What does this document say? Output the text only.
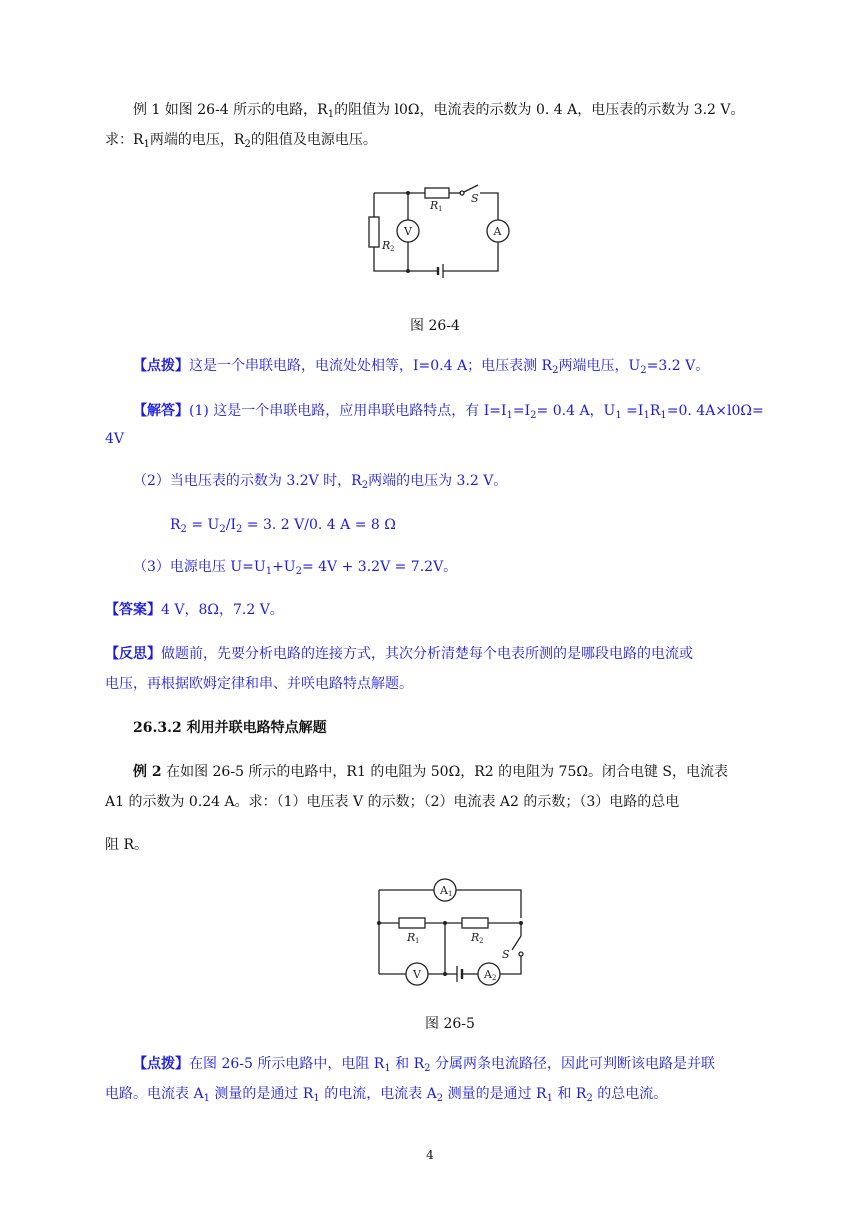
例 1 如图 26-4 所示的电路，$R_1$的阻值为 l0Ω，电流表的示数为 0. 4 A，电压表的示数为 3.2 V。
求：$R_1$两端的电压，$R_2$的阻值及电源电压。
A
V
R 1
R 2
S
图 26-4
【点拨】这是一个串联电路，电流处处相等，I=0.4 A；电压表测 $R_2$两端电压，$U_2=3.2$ V。
【解答】(1) 这是一个串联电路，应用串联电路特点，有 $I=I_1=I_2= 0.4$ A，$U_1 =I_1R_1=0$. 4A×l0Ω=
4V
（2）当电压表的示数为 3.2V 时，$R_2$两端的电压为 3.2 V。
$R_2 = U_2/I_2 = 3$. 2 V/0. 4 A = 8 Ω
（3）电源电压 $U=U_1+U_2= 4V + 3.2V = 7.2V$。
【答案】4 V，8Ω，7.2 V。
【反思】做题前，先要分析电路的连接方式，其次分析清楚每个电表所测的是哪段电路的电流或
电压，再根据欧姆定律和串、并咲电路特点解题。
26.3.2 利用并联电路特点解题
例 2 在如图 26-5 所示的电路中，R1 的电阻为 50Ω，R2 的电阻为 75Ω。闭合电键 S，电流表
A1 的示数为 0.24 A。求：（1）电压表 V 的示数；（2）电流表 A2 的示数；（3）电路的总电
阻 R。
A 1
R 1	R 2
S
V	A 2
图 26-5
【点拨】在图 26-5 所示电路中，电阻 $R_1$ 和 $R_2$ 分属两条电流路径，因此可判断该电路是并联
电路。电流表 $A_1$ 测量的是通过 $R_1$ 的电流，电流表 $A_2$ 测量的是通过 $R_1$ 和 $R_2$ 的总电流。
4
